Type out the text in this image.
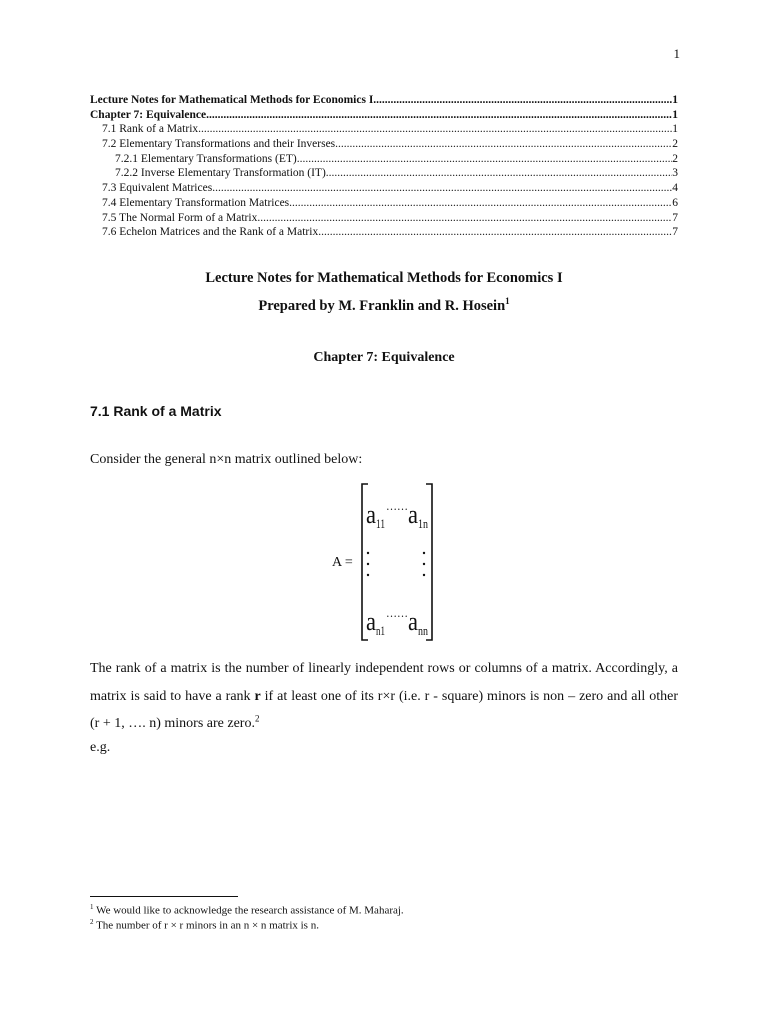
1
Lecture Notes for Mathematical Methods for Economics I .....	1
Chapter 7: Equivalence .....	1
7.1 Rank of a Matrix .....	1
7.2 Elementary Transformations and their Inverses .....	2
7.2.1 Elementary Transformations (ET) .....	2
7.2.2 Inverse Elementary Transformation (IT) .....	3
7.3 Equivalent Matrices .....	4
7.4 Elementary Transformation Matrices .....	6
7.5 The Normal Form of a Matrix .....	7
7.6 Echelon Matrices and the Rank of a Matrix .....	7
Lecture Notes for Mathematical Methods for Economics I
Prepared by M. Franklin and R. Hosein$^1$
Chapter 7: Equivalence
7.1 Rank of a Matrix
Consider the general n×n matrix outlined below:
A =
a 11
…… a 1n
a n1
…… a nn
The rank of a matrix is the number of linearly independent rows or columns of a matrix. Accordingly, a matrix is said to have a rank r if at least one of its r×r (i.e. r - square) minors is non – zero and all other (r + 1, …. n) minors are zero.$^2$
e.g.
$^1$ We would like to acknowledge the research assistance of M. Maharaj.
$^2$ The number of r × r minors in an n × n matrix is n.
